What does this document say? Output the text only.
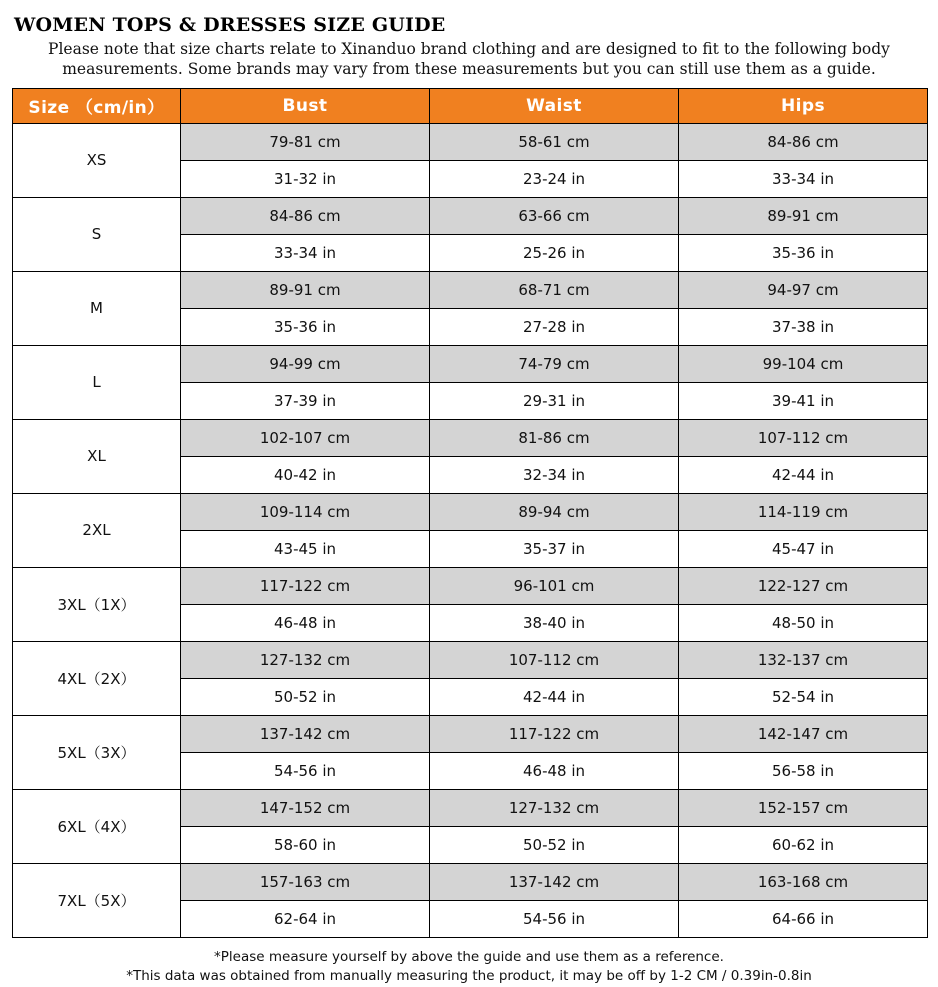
WOMEN TOPS & DRESSES SIZE GUIDE
Please note that size charts relate to Xinanduo brand clothing and are designed to fit to the following body measurements. Some brands may vary from these measurements but you can still use them as a guide.
Size （cm/in）	Bust	Waist	Hips
XS	79-81 cm	58-61 cm	84-86 cm
	31-32 in	23-24 in	33-34 in
S	84-86 cm	63-66 cm	89-91 cm
	33-34 in	25-26 in	35-36 in
M	89-91 cm	68-71 cm	94-97 cm
	35-36 in	27-28 in	37-38 in
L	94-99 cm	74-79 cm	99-104 cm
	37-39 in	29-31 in	39-41 in
XL	102-107 cm	81-86 cm	107-112 cm
	40-42 in	32-34 in	42-44 in
2XL	109-114 cm	89-94 cm	114-119 cm
	43-45 in	35-37 in	45-47 in
3XL（1X）	117-122 cm	96-101 cm	122-127 cm
	46-48 in	38-40 in	48-50 in
4XL（2X）	127-132 cm	107-112 cm	132-137 cm
	50-52 in	42-44 in	52-54 in
5XL（3X）	137-142 cm	117-122 cm	142-147 cm
	54-56 in	46-48 in	56-58 in
6XL（4X）	147-152 cm	127-132 cm	152-157 cm
	58-60 in	50-52 in	60-62 in
7XL（5X）	157-163 cm	137-142 cm	163-168 cm
	62-64 in	54-56 in	64-66 in
*Please measure yourself by above the guide and use them as a reference.
*This data was obtained from manually measuring the product, it may be off by 1-2 CM / 0.39in-0.8in
